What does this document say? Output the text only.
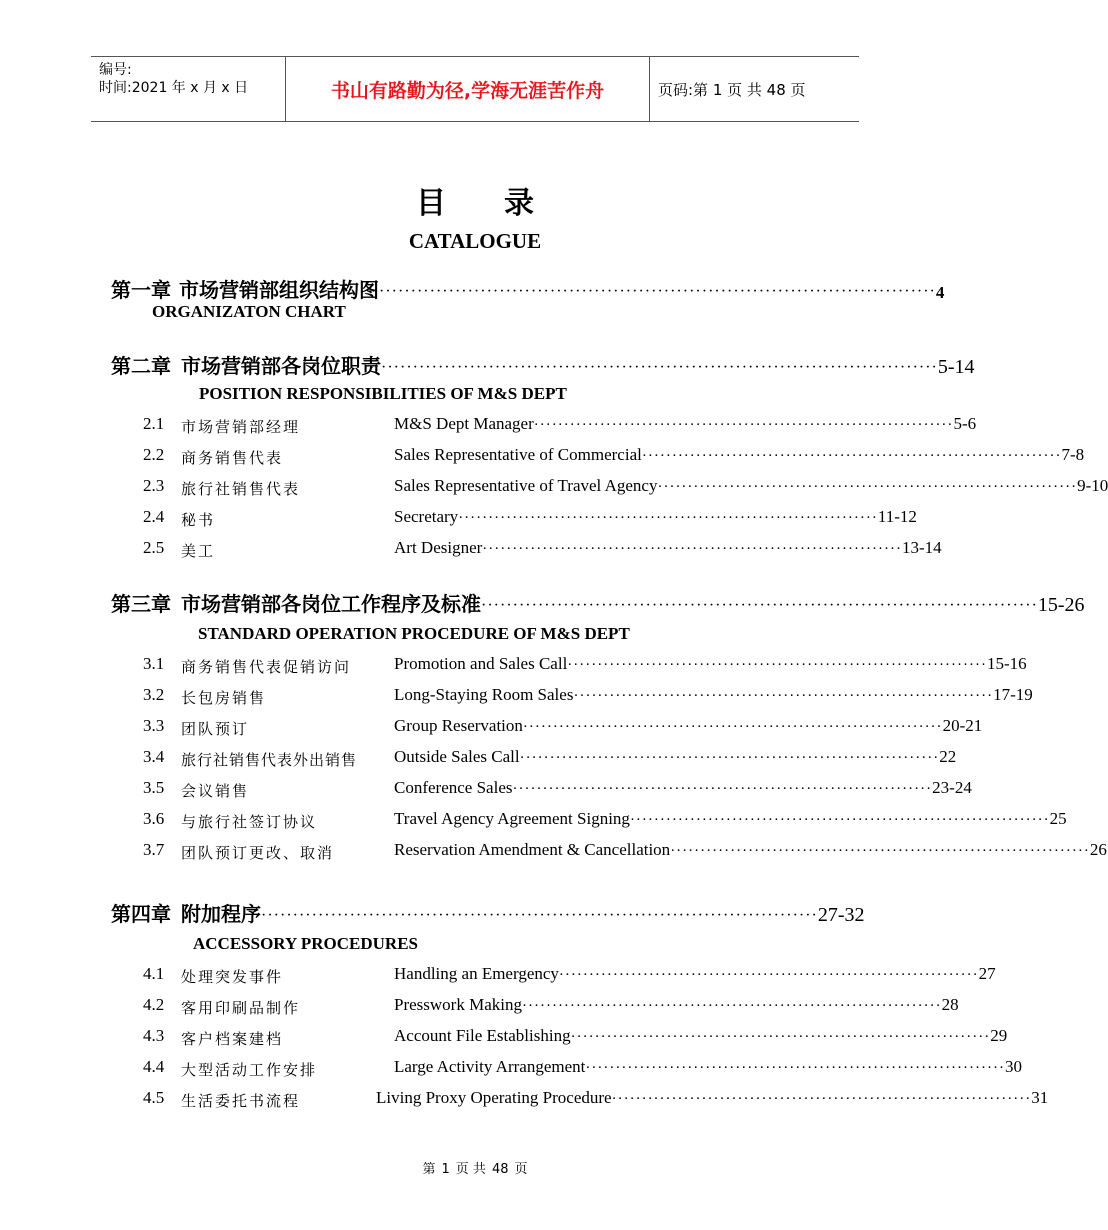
编号:
时间:2021 年 x 月 x 日	书山有路勤为径,学海无涯苦作舟	页码:第 1 页 共 48 页
目录
CATALOGUE
第一章 市场营销部组织结构图 ························································································ 4
ORGANIZATON CHART
第二章 市场营销部各岗位职责 ························································································ 5-14
POSITION RESPONSIBILITIES OF M&S DEPT
2.1 市场营销部经理	M&S Dept Manager ······································································ 5-6
2.2 商务销售代表	Sales Representative of Commercial ······································································ 7-8
2.3 旅行社销售代表	Sales Representative of Travel Agency ······································································ 9-10
2.4 秘书	Secretary ······································································ 11-12
2.5 美工	Art Designer ······································································ 13-14
第三章 市场营销部各岗位工作程序及标准 ························································································ 15-26
STANDARD OPERATION PROCEDURE OF M&S DEPT
3.1 商务销售代表促销访问	Promotion and Sales Call ······································································ 15-16
3.2 长包房销售	Long-Staying Room Sales ······································································ 17-19
3.3 团队预订	Group Reservation ······································································ 20-21
3.4 旅行社销售代表外出销售 Outside Sales Call ······································································ 22
3.5 会议销售	Conference Sales ······································································ 23-24
3.6 与旅行社签订协议	Travel Agency Agreement Signing ······································································ 25
3.7 团队预订更改、取消	Reservation Amendment & Cancellation ······································································ 26
第四章 附加程序 ························································································ 27-32
ACCESSORY PROCEDURES
4.1 处理突发事件	Handling an Emergency ······································································ 27
4.2 客用印刷品制作	Presswork Making ······································································ 28
4.3 客户档案建档	Account File Establishing ······································································ 29
4.4 大型活动工作安排	Large Activity Arrangement ······································································ 30
4.5 生活委托书流程	Living Proxy Operating Procedure ······································································ 31
第 1 页 共 48 页
